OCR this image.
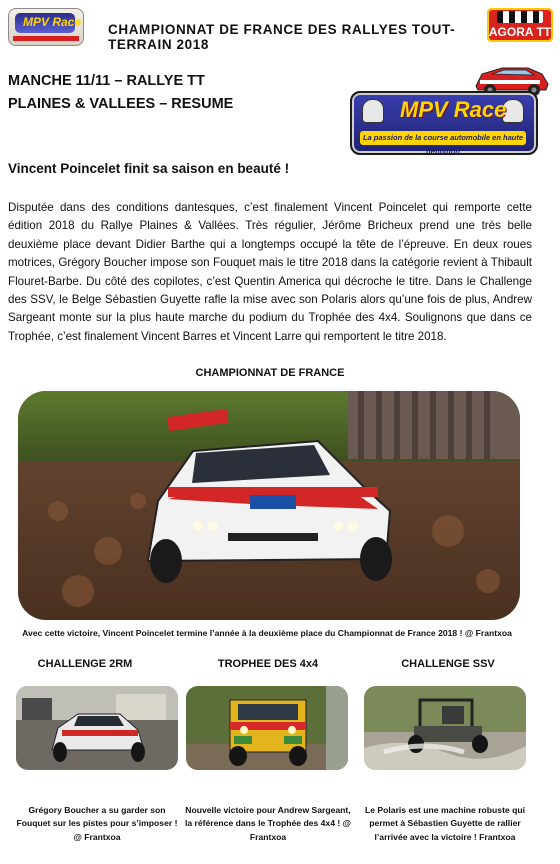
MPV Race CHAMPIONNAT DE FRANCE DES RALLYES TOUT-TERRAIN 2018
AGORA TT
MANCHE 11/11 – RALLYE TT
PLAINES & VALLEES – RESUME	MPV Race
La passion de la course automobile en haute définition
Vincent Poincelet finit sa saison en beauté !
Disputée dans des conditions dantesques, c’est finalement Vincent Poincelet qui remporte cette édition 2018 du Rallye Plaines & Vallées. Très régulier, Jérôme Bricheux prend une très belle deuxième place devant Didier Barthe qui a longtemps occupé la tête de l’épreuve. En deux roues motrices, Grégory Boucher impose son Fouquet mais le titre 2018 dans la catégorie revient à Thibault Flouret-Barbe. Du côté des copilotes, c’est Quentin America qui décroche le titre. Dans le Challenge des SSV, le Belge Sébastien Guyette rafle la mise avec son Polaris alors qu’une fois de plus, Andrew Sargeant monte sur la plus haute marche du podium du Trophée des 4x4. Soulignons que dans ce Trophée, c’est finalement Vincent Barres et Vincent Larre qui remportent le titre 2018.
CHAMPIONNAT DE FRANCE
Avec cette victoire, Vincent Poincelet termine l’année à la deuxième place du Championnat de France 2018 ! @ Frantxoa
CHALLENGE 2RM	TROPHEE DES 4x4	CHALLENGE SSV
Grégory Boucher a su garder son Fouquet sur les pistes pour s’imposer ! @ Frantxoa
Nouvelle victoire pour Andrew Sargeant, la référence dans le Trophée des 4x4 ! @ Frantxoa
Le Polaris est une machine robuste qui permet à Sébastien Guyette de rallier l’arrivée avec la victoire ! Frantxoa
